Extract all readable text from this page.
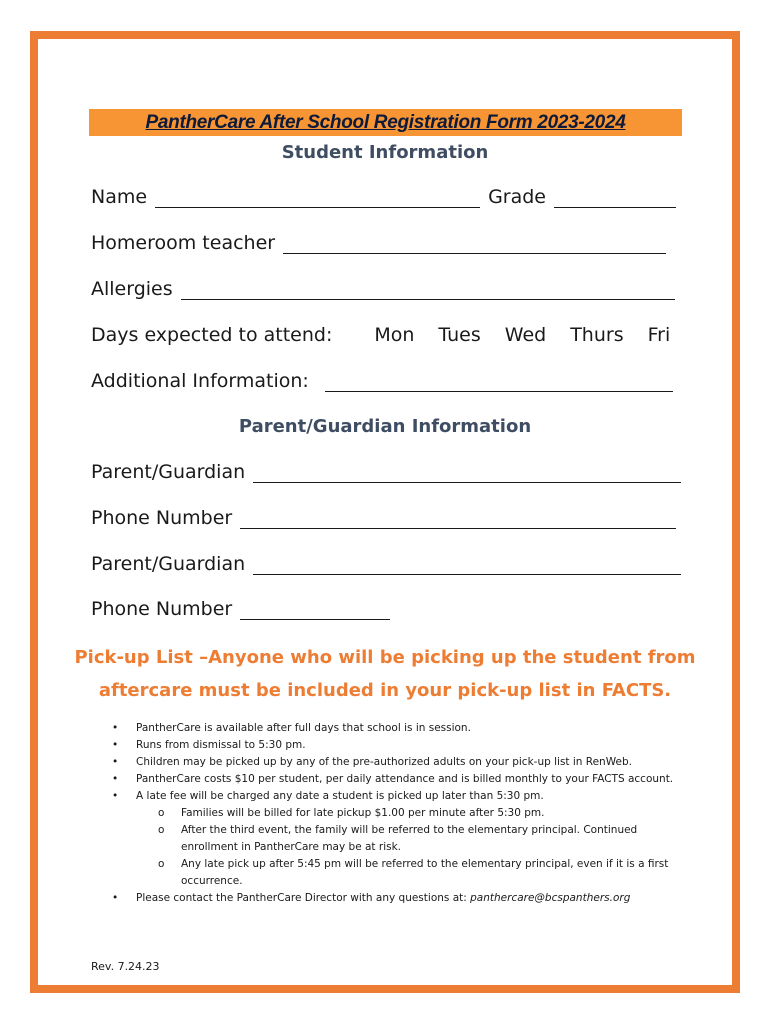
PantherCare After School Registration Form 2023-2024
Student Information
Name	Grade
Homeroom teacher
Allergies
Days expected to attend: Mon Tues Wed Thurs Fri
Additional Information:
Parent/Guardian Information
Parent/Guardian
Phone Number
Parent/Guardian
Phone Number
Pick-up List –Anyone who will be picking up the student from
aftercare must be included in your pick-up list in FACTS.
• PantherCare is available after full days that school is in session.
• Runs from dismissal to 5:30 pm.
• Children may be picked up by any of the pre-authorized adults on your pick-up list in RenWeb.
• PantherCare costs $10 per student, per daily attendance and is billed monthly to your FACTS account.
• A late fee will be charged any date a student is picked up later than 5:30 pm.
o Families will be billed for late pickup $1.00 per minute after 5:30 pm.
o After the third event, the family will be referred to the elementary principal. Continued enrollment in PantherCare may be at risk.
o Any late pick up after 5:45 pm will be referred to the elementary principal, even if it is a first occurrence.
• Please contact the PantherCare Director with any questions at: panthercare@bcspanthers.org
Rev. 7.24.23
